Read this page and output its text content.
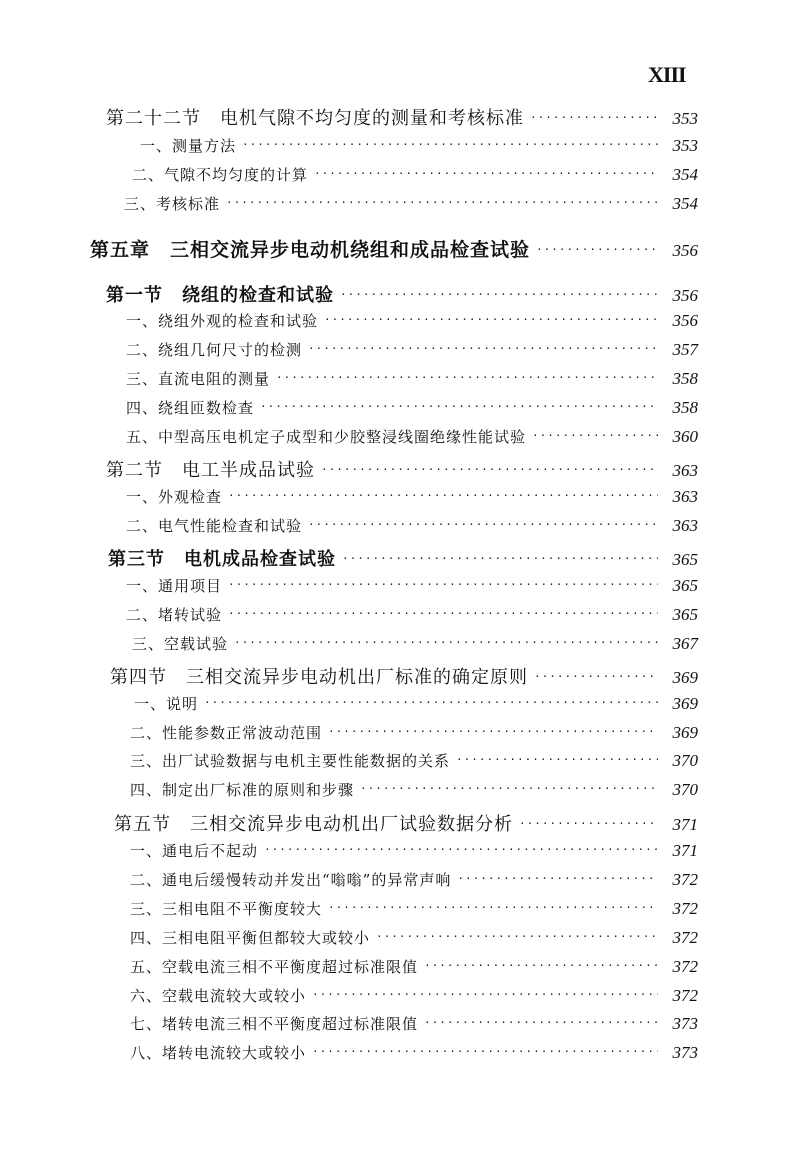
XIII
第二十二节　电机气隙不均匀度的测量和考核标准 ·····	353
一、测量方法 ·····	353
二、气隙不均匀度的计算 ·····	354
三、考核标准 ·····	354
第五章　三相交流异步电动机绕组和成品检查试验 ·····	356
第一节　绕组的检查和试验 ·····	356
一、绕组外观的检查和试验 ·····	356
二、绕组几何尺寸的检测 ·····	357
三、直流电阻的测量 ·····	358
四、绕组匝数检查 ·····	358
五、中型高压电机定子成型和少胶整浸线圈绝缘性能试验 ·····	360
第二节　电工半成品试验 ·····	363
一、外观检查 ·····	363
二、电气性能检查和试验 ·····	363
第三节　电机成品检查试验 ·····	365
一、通用项目 ·····	365
二、堵转试验 ·····	365
三、空载试验 ·····	367
第四节　三相交流异步电动机出厂标准的确定原则 ·····	369
一、说明 ·····	369
二、性能参数正常波动范围 ·····	369
三、出厂试验数据与电机主要性能数据的关系 ·····	370
四、制定出厂标准的原则和步骤 ·····	370
第五节　三相交流异步电动机出厂试验数据分析 ·····	371
一、通电后不起动 ·····	371
二、通电后缓慢转动并发出“嗡嗡”的异常声响 ·····	372
三、三相电阻不平衡度较大 ·····	372
四、三相电阻平衡但都较大或较小 ·····	372
五、空载电流三相不平衡度超过标准限值 ·····	372
六、空载电流较大或较小 ·····	372
七、堵转电流三相不平衡度超过标准限值 ·····	373
八、堵转电流较大或较小 ·····	373
